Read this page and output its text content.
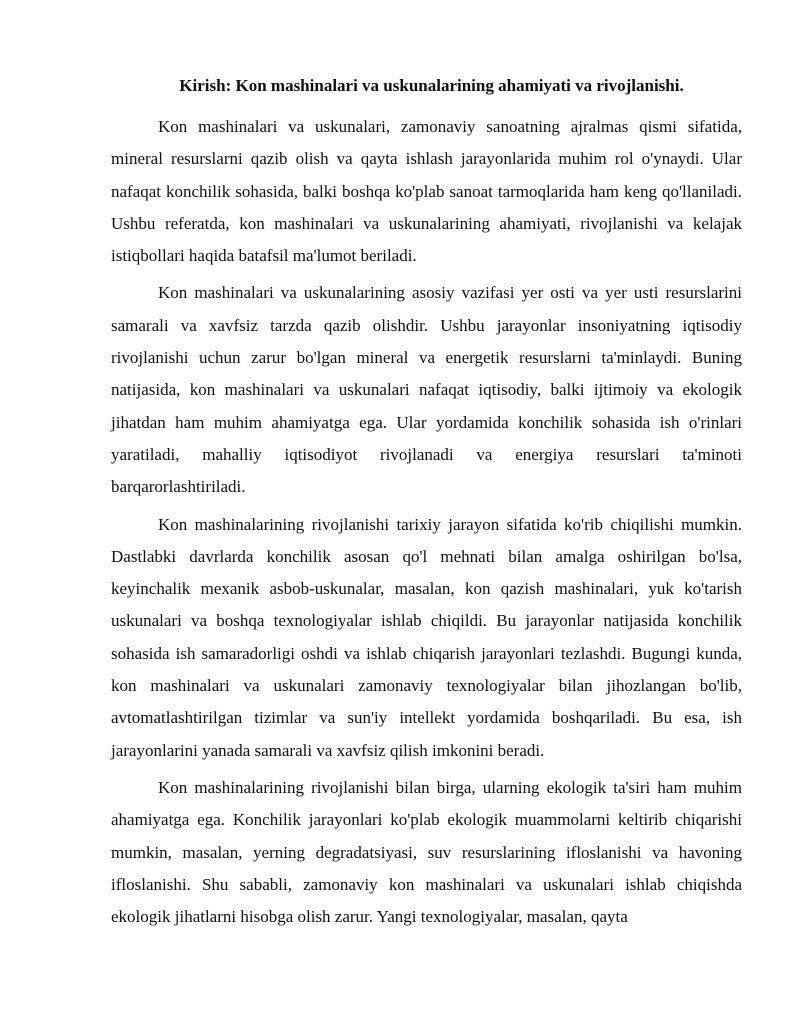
Kirish: Kon mashinalari va uskunalarining ahamiyati va rivojlanishi.

Kon mashinalari va uskunalari, zamonaviy sanoatning ajralmas qismi sifatida, mineral resurslarni qazib olish va qayta ishlash jarayonlarida muhim rol o'ynaydi. Ular nafaqat konchilik sohasida, balki boshqa ko'plab sanoat tarmoqlarida ham keng qo'llaniladi. Ushbu referatda, kon mashinalari va uskunalarining ahamiyati, rivojlanishi va kelajak istiqbollari haqida batafsil ma'lumot beriladi.

Kon mashinalari va uskunalarining asosiy vazifasi yer osti va yer usti resurslarini samarali va xavfsiz tarzda qazib olishdir. Ushbu jarayonlar insoniyatning iqtisodiy rivojlanishi uchun zarur bo'lgan mineral va energetik resurslarni ta'minlaydi. Buning natijasida, kon mashinalari va uskunalari nafaqat iqtisodiy, balki ijtimoiy va ekologik jihatdan ham muhim ahamiyatga ega. Ular yordamida konchilik sohasida ish o'rinlari yaratiladi, mahalliy iqtisodiyot rivojlanadi va energiya resurslari ta'minoti barqarorlashtiriladi.

Kon mashinalarining rivojlanishi tarixiy jarayon sifatida ko'rib chiqilishi mumkin. Dastlabki davrlarda konchilik asosan qo'l mehnati bilan amalga oshirilgan bo'lsa, keyinchalik mexanik asbob-uskunalar, masalan, kon qazish mashinalari, yuk ko'tarish uskunalari va boshqa texnologiyalar ishlab chiqildi. Bu jarayonlar natijasida konchilik sohasida ish samaradorligi oshdi va ishlab chiqarish jarayonlari tezlashdi. Bugungi kunda, kon mashinalari va uskunalari zamonaviy texnologiyalar bilan jihozlangan bo'lib, avtomatlashtirilgan tizimlar va sun'iy intellekt yordamida boshqariladi. Bu esa, ish jarayonlarini yanada samarali va xavfsiz qilish imkonini beradi.

Kon mashinalarining rivojlanishi bilan birga, ularning ekologik ta'siri ham muhim ahamiyatga ega. Konchilik jarayonlari ko'plab ekologik muammolarni keltirib chiqarishi mumkin, masalan, yerning degradatsiyasi, suv resurslarining ifloslanishi va havoning ifloslanishi. Shu sababli, zamonaviy kon mashinalari va uskunalari ishlab chiqishda ekologik jihatlarni hisobga olish zarur. Yangi texnologiyalar, masalan, qayta
